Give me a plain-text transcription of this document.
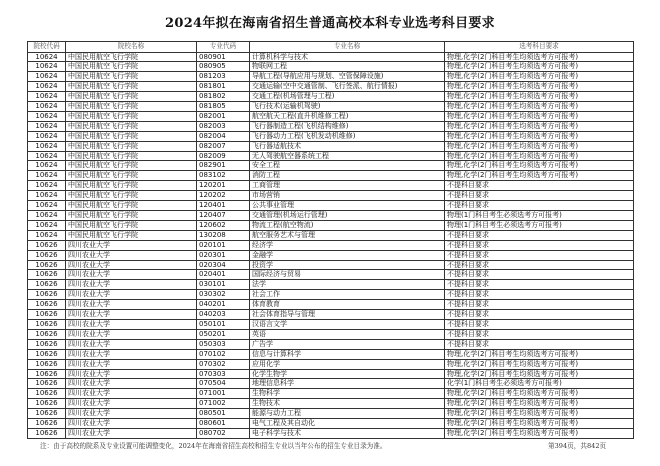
2024年拟在海南省招生普通高校本科专业选考科目要求
院校代码	院校名称	专业代码	专业名称	选考科目要求
10624	中国民用航空飞行学院	080901	计算机科学与技术	物理,化学(2门科目考生均须选考方可报考)
10624	中国民用航空飞行学院	080905	物联网工程	物理,化学(2门科目考生均须选考方可报考)
10624	中国民用航空飞行学院	081203	导航工程(导航应用与规划、空管保障设施)	物理,化学(2门科目考生均须选考方可报考)
10624	中国民用航空飞行学院	081801	交通运输(空中交通管制、飞行签派、航行情报)	物理,化学(2门科目考生均须选考方可报考)
10624	中国民用航空飞行学院	081802	交通工程(机场管理与工程)	物理,化学(2门科目考生均须选考方可报考)
10624	中国民用航空飞行学院	081805	飞行技术(运输机驾驶)	物理,化学(2门科目考生均须选考方可报考)
10624	中国民用航空飞行学院	082001	航空航天工程(直升机维修工程)	物理,化学(2门科目考生均须选考方可报考)
10624	中国民用航空飞行学院	082003	飞行器制造工程(飞机结构维修)	物理,化学(2门科目考生均须选考方可报考)
10624	中国民用航空飞行学院	082004	飞行器动力工程(飞机发动机维修)	物理,化学(2门科目考生均须选考方可报考)
10624	中国民用航空飞行学院	082007	飞行器适航技术	物理,化学(2门科目考生均须选考方可报考)
10624	中国民用航空飞行学院	082009	无人驾驶航空器系统工程	物理,化学(2门科目考生均须选考方可报考)
10624	中国民用航空飞行学院	082901	安全工程	物理,化学(2门科目考生均须选考方可报考)
10624	中国民用航空飞行学院	083102	消防工程	物理,化学(2门科目考生均须选考方可报考)
10624	中国民用航空飞行学院	120201	工商管理	不提科目要求
10624	中国民用航空飞行学院	120202	市场营销	不提科目要求
10624	中国民用航空飞行学院	120401	公共事业管理	不提科目要求
10624	中国民用航空飞行学院	120407	交通管理(机场运行管理)	物理(1门科目考生必须选考方可报考)
10624	中国民用航空飞行学院	120602	物流工程(航空物流)	物理(1门科目考生必须选考方可报考)
10624	中国民用航空飞行学院	130208	航空服务艺术与管理	不提科目要求
10626	四川农业大学	020101	经济学	不提科目要求
10626	四川农业大学	020301	金融学	不提科目要求
10626	四川农业大学	020304	投资学	不提科目要求
10626	四川农业大学	020401	国际经济与贸易	不提科目要求
10626	四川农业大学	030101	法学	不提科目要求
10626	四川农业大学	030302	社会工作	不提科目要求
10626	四川农业大学	040201	体育教育	不提科目要求
10626	四川农业大学	040203	社会体育指导与管理	不提科目要求
10626	四川农业大学	050101	汉语言文学	不提科目要求
10626	四川农业大学	050201	英语	不提科目要求
10626	四川农业大学	050303	广告学	不提科目要求
10626	四川农业大学	070102	信息与计算科学	物理,化学(2门科目考生均须选考方可报考)
10626	四川农业大学	070302	应用化学	物理,化学(2门科目考生均须选考方可报考)
10626	四川农业大学	070303	化学生物学	物理,化学(2门科目考生均须选考方可报考)
10626	四川农业大学	070504	地理信息科学	化学(1门科目考生必须选考方可报考)
10626	四川农业大学	071001	生物科学	物理,化学(2门科目考生均须选考方可报考)
10626	四川农业大学	071002	生物技术	物理,化学(2门科目考生均须选考方可报考)
10626	四川农业大学	080501	能源与动力工程	物理,化学(2门科目考生均须选考方可报考)
10626	四川农业大学	080601	电气工程及其自动化	物理,化学(2门科目考生均须选考方可报考)
10626	四川农业大学	080702	电子科学与技术	物理,化学(2门科目考生均须选考方可报考)
注：由于高校的院系及专业设置可能调整变化，2024年在海南省招生高校和招生专业以当年公布的招生专业目录为准。	第394页，共842页
